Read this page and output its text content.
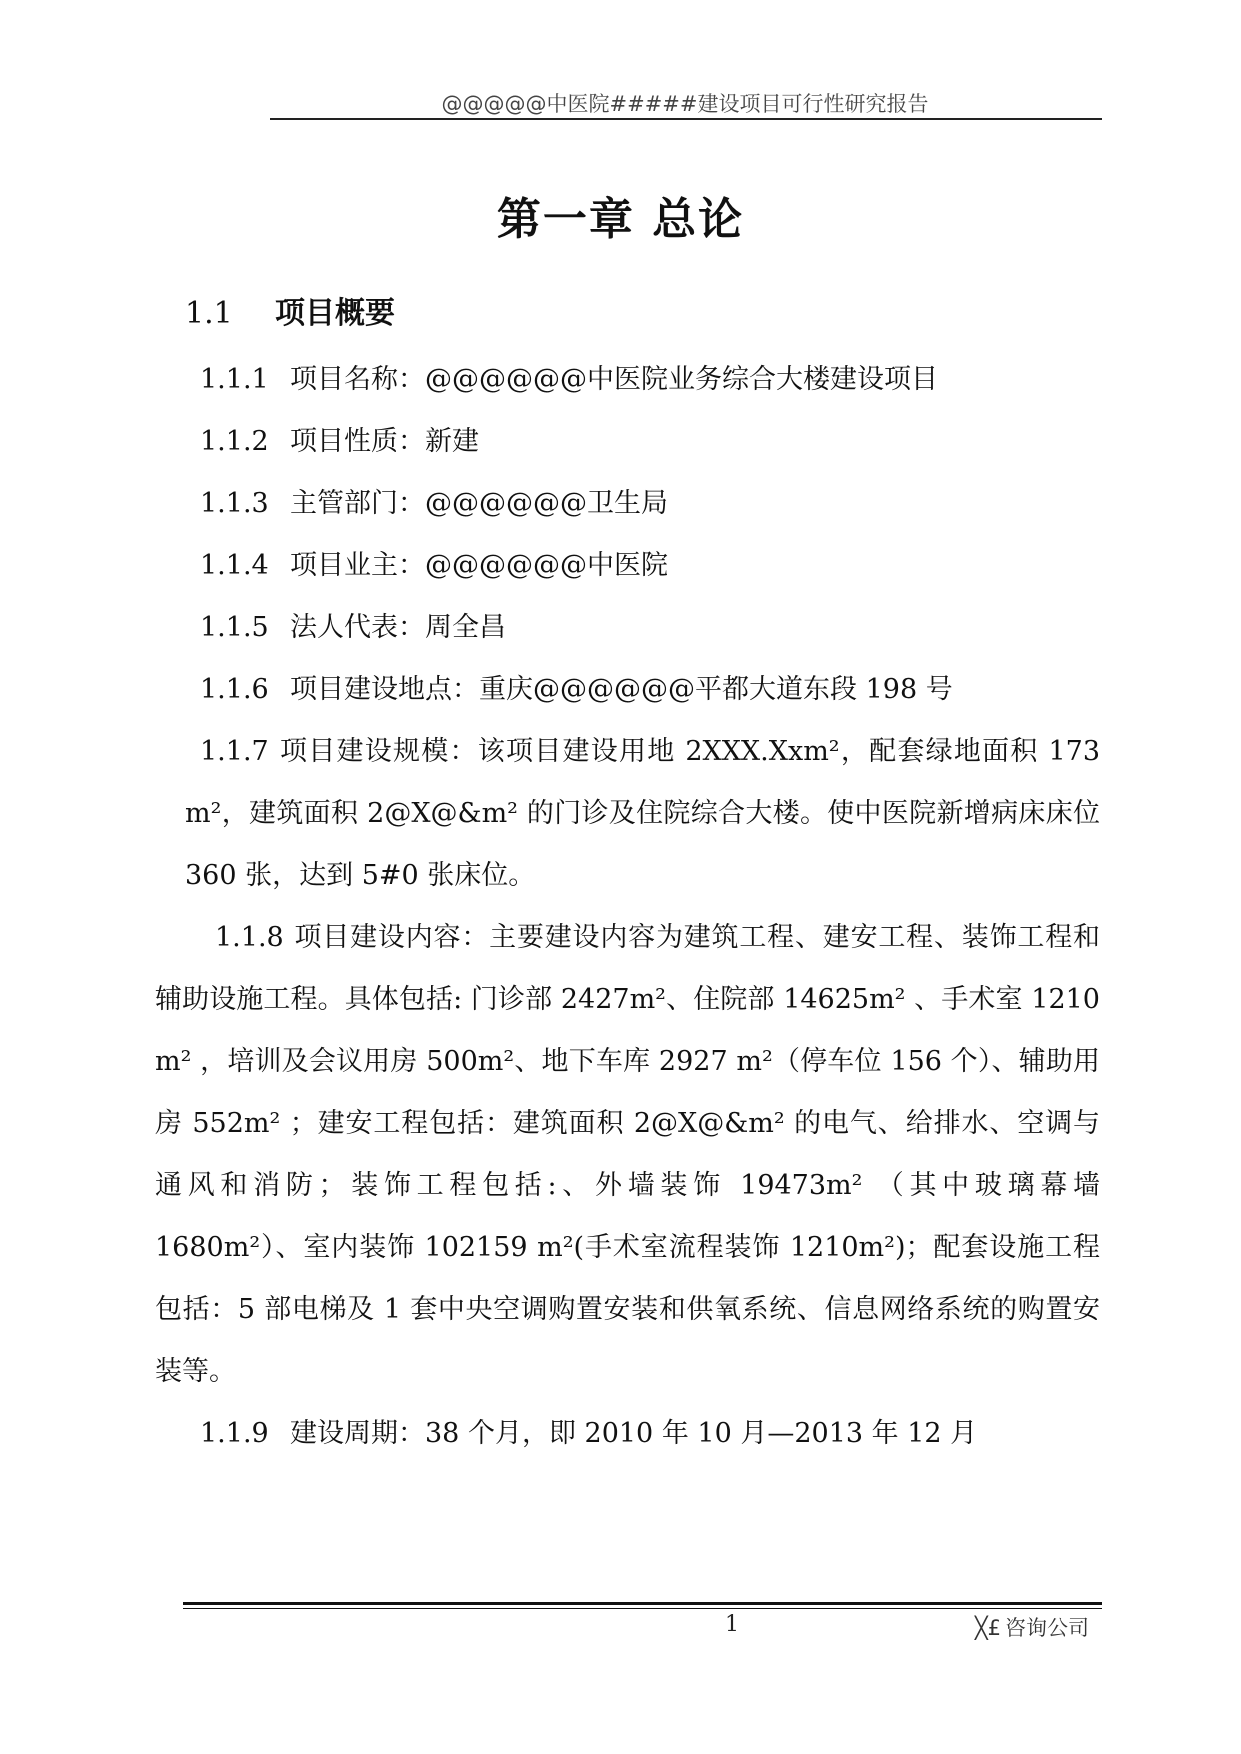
@@@@@中医院#####建设项目可行性研究报告
第一章 总论
1.1 项目概要
1.1.1 项目名称：@@@@@@中医院业务综合大楼建设项目
1.1.2 项目性质：新建
1.1.3 主管部门：@@@@@@卫生局
1.1.4 项目业主：@@@@@@中医院
1.1.5 法人代表：周全昌
1.1.6 项目建设地点：重庆@@@@@@平都大道东段 198 号
1.1.7 项目建设规模：该项目建设用地 2XXX.Xxm²，配套绿地面积 173 m²，建筑面积 2@X@&m² 的门诊及住院综合大楼。使中医院新增病床床位 360 张，达到 5#0 张床位。
1.1.8 项目建设内容：主要建设内容为建筑工程、建安工程、装饰工程和辅助设施工程。具体包括: 门诊部 2427m²、住院部 14625m² 、手术室 1210 m² ，培训及会议用房 500m²、地下车库 2927 m²（停车位 156 个）、辅助用房 552m² ；建安工程包括：建筑面积 2@X@&m² 的电气、给排水、空调与通风和消防；装饰工程包括:、外墙装饰 19473m² （其中玻璃幕墙 1680m²）、室内装饰 102159 m²(手术室流程装饰 1210m²)；配套设施工程包括：5 部电梯及 1 套中央空调购置安装和供氧系统、信息网络系统的购置安装等。
1.1.9 建设周期：38 个月，即 2010 年 10 月—2013 年 12 月
1	╳£ 咨询公司
